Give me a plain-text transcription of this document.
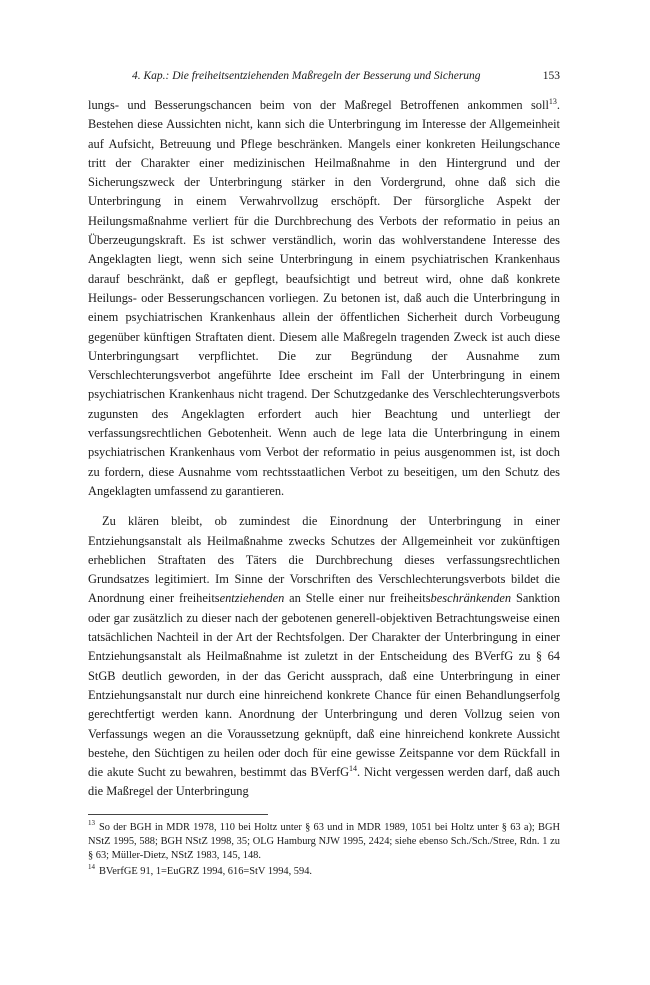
4. Kap.: Die freiheitsentziehenden Maßregeln der Besserung und Sicherung	153

lungs- und Besserungschancen beim von der Maßregel Betroffenen ankommen soll$^{13}$. Bestehen diese Aussichten nicht, kann sich die Unterbringung im Interesse der Allgemeinheit auf Aufsicht, Betreuung und Pflege beschränken. Mangels einer konkreten Heilungschance tritt der Charakter einer medizinischen Heilmaßnahme in den Hintergrund und der Sicherungszweck der Unterbringung stärker in den Vordergrund, ohne daß sich die Unterbringung in einem Verwahrvollzug erschöpft. Der fürsorgliche Aspekt der Heilungsmaßnahme verliert für die Durchbrechung des Verbots der reformatio in peius an Überzeugungskraft. Es ist schwer verständlich, worin das wohlverstandene Interesse des Angeklagten liegt, wenn sich seine Unterbringung in einem psychiatrischen Krankenhaus darauf beschränkt, daß er gepflegt, beaufsichtigt und betreut wird, ohne daß konkrete Heilungs- oder Besserungschancen vorliegen. Zu betonen ist, daß auch die Unterbringung in einem psychiatrischen Krankenhaus allein der öffentlichen Sicherheit durch Vorbeugung gegenüber künftigen Straftaten dient. Diesem alle Maßregeln tragenden Zweck ist auch diese Unterbringungsart verpflichtet. Die zur Begründung der Ausnahme zum Verschlechterungsverbot angeführte Idee erscheint im Fall der Unterbringung in einem psychiatrischen Krankenhaus nicht tragend. Der Schutzgedanke des Verschlechterungsverbots zugunsten des Angeklagten erfordert auch hier Beachtung und unterliegt der verfassungsrechtlichen Gebotenheit. Wenn auch de lege lata die Unterbringung in einem psychiatrischen Krankenhaus vom Verbot der reformatio in peius ausgenommen ist, ist doch zu fordern, diese Ausnahme vom rechtsstaatlichen Verbot zu beseitigen, um den Schutz des Angeklagten umfassend zu garantieren.

Zu klären bleibt, ob zumindest die Einordnung der Unterbringung in einer Entziehungsanstalt als Heilmaßnahme zwecks Schutzes der Allgemeinheit vor zukünftigen erheblichen Straftaten des Täters die Durchbrechung dieses verfassungsrechtlichen Grundsatzes legitimiert. Im Sinne der Vorschriften des Verschlechterungsverbots bildet die Anordnung einer freiheitsentziehenden an Stelle einer nur freiheitsbeschränkenden Sanktion oder gar zusätzlich zu dieser nach der gebotenen generell-objektiven Betrachtungsweise einen tatsächlichen Nachteil in der Art der Rechtsfolgen. Der Charakter der Unterbringung in einer Entziehungsanstalt als Heilmaßnahme ist zuletzt in der Entscheidung des BVerfG zu § 64 StGB deutlich geworden, in der das Gericht aussprach, daß eine Unterbringung in einer Entziehungsanstalt nur durch eine hinreichend konkrete Chance für einen Behandlungserfolg gerechtfertigt werden kann. Anordnung der Unterbringung und deren Vollzug seien von Verfassungs wegen an die Voraussetzung geknüpft, daß eine hinreichend konkrete Aussicht bestehe, den Süchtigen zu heilen oder doch für eine gewisse Zeitspanne vor dem Rückfall in die akute Sucht zu bewahren, bestimmt das BVerfG$^{14}$. Nicht vergessen werden darf, daß auch die Maßregel der Unterbringung

$^{13}$ So der BGH in MDR 1978, 110 bei Holtz unter § 63 und in MDR 1989, 1051 bei Holtz unter § 63 a); BGH NStZ 1995, 588; BGH NStZ 1998, 35; OLG Hamburg NJW 1995, 2424; siehe ebenso Sch./Sch./Stree, Rdn. 1 zu § 63; Müller-Dietz, NStZ 1983, 145, 148.

$^{14}$ BVerfGE 91, 1=EuGRZ 1994, 616=StV 1994, 594.
